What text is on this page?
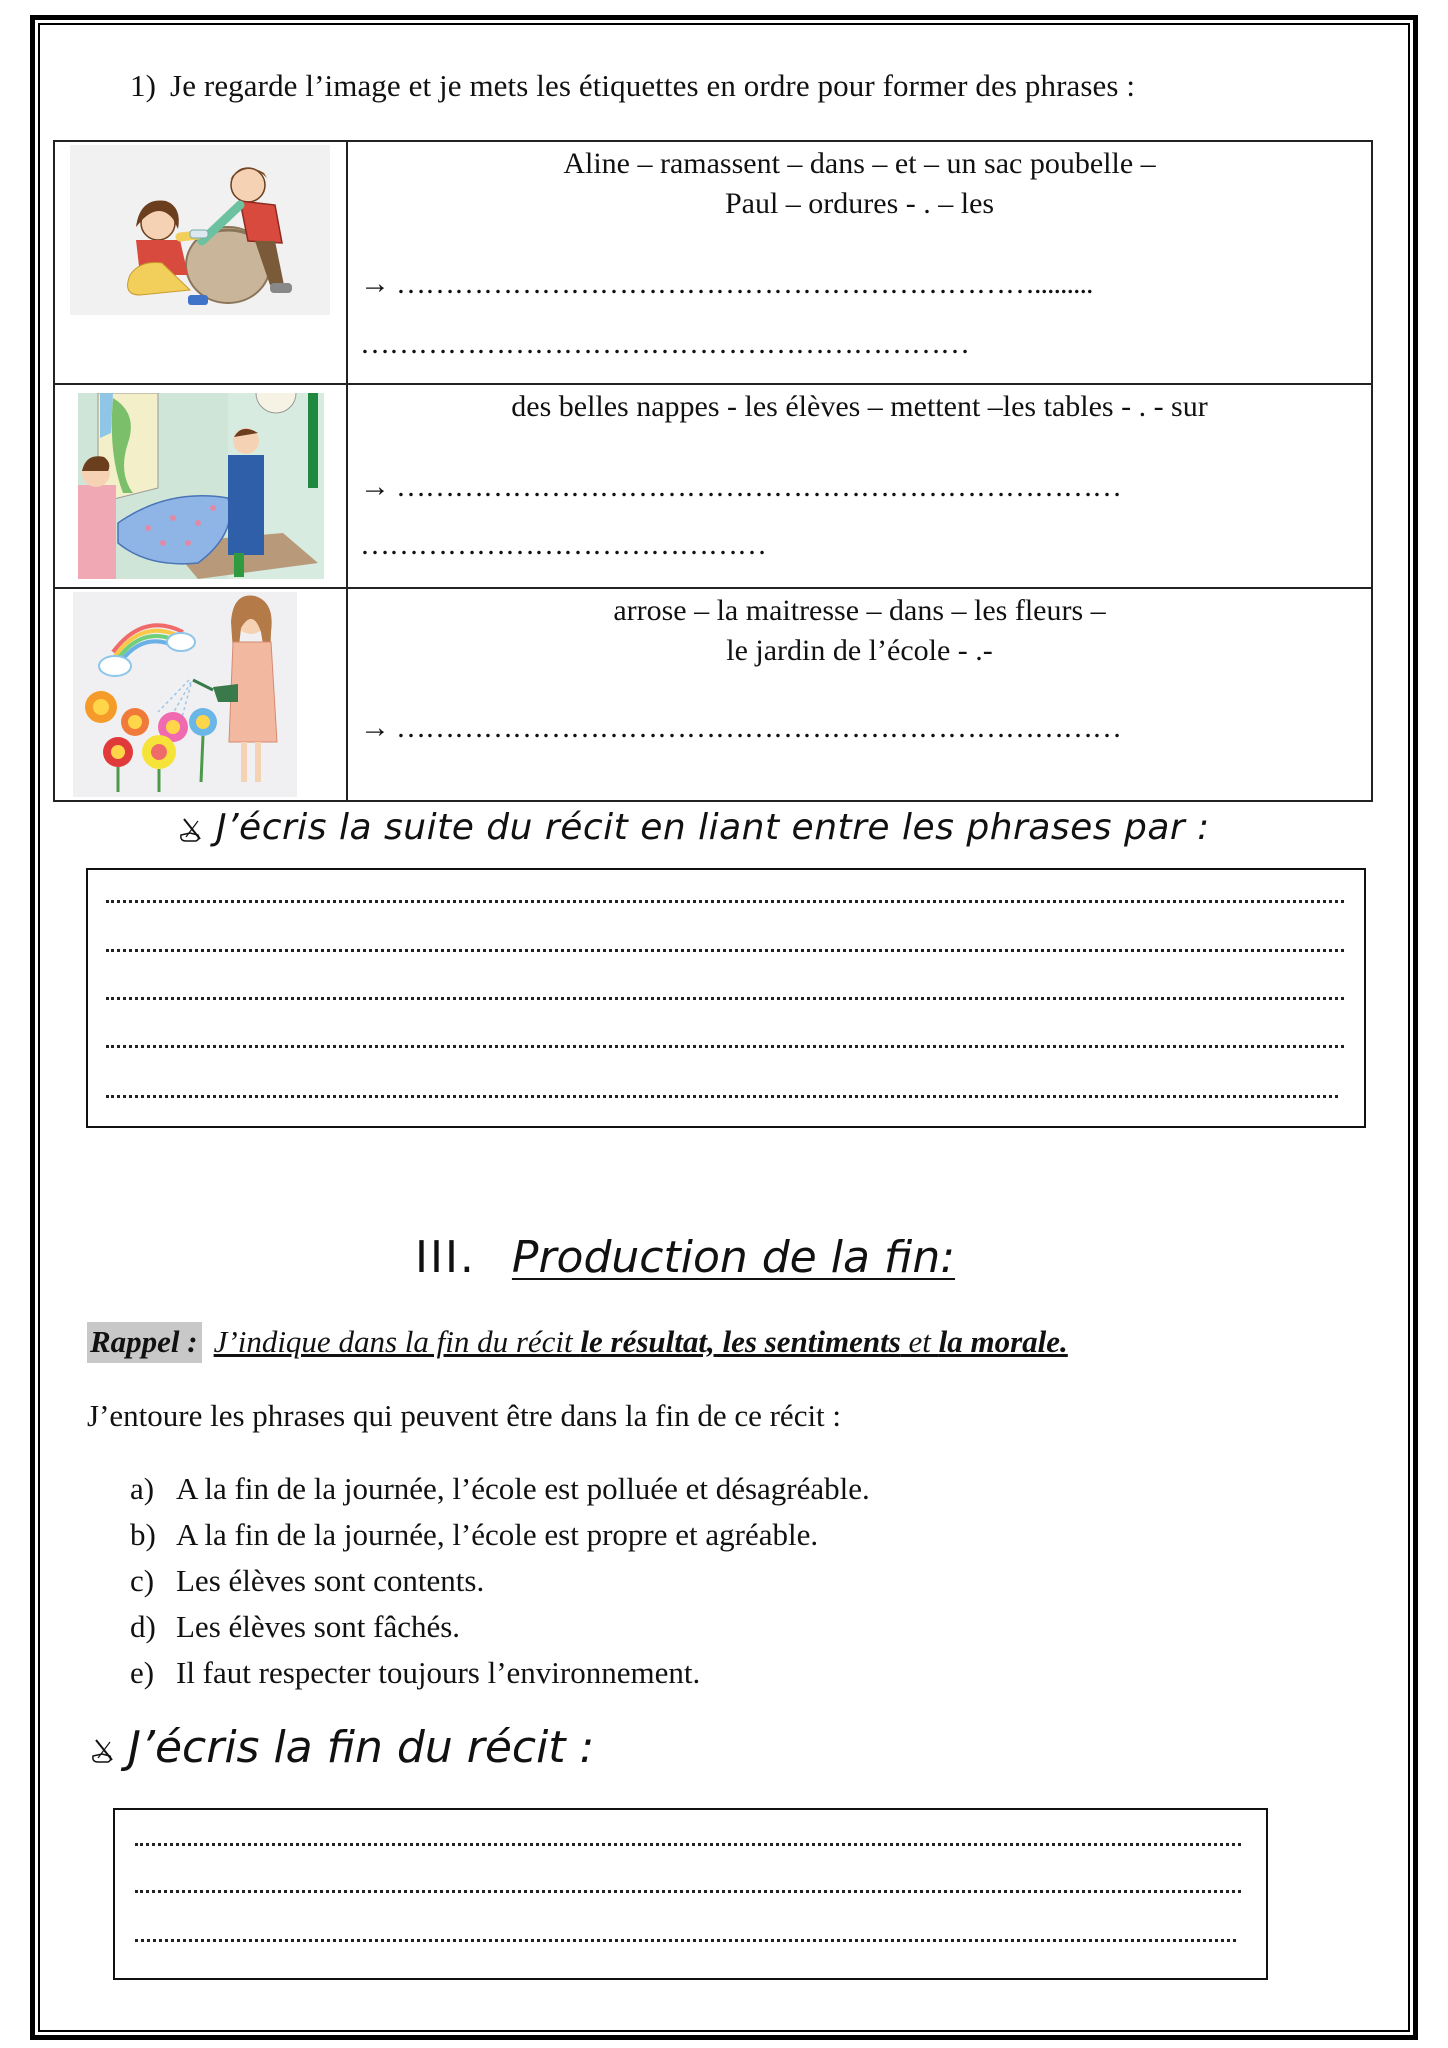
1) Je regarde l’image et je mets les étiquettes en ordre pour former des phrases :

Aline – ramassent – dans – et – un sac poubelle –
Paul – ordures - . – les
→ ………………………………………………………….........
………………………………………………………

des belles nappes - les élèves – mettent –les tables - . - sur
→ …………………………………………………………………
……………………………………

arrose – la maitresse – dans – les fleurs –
le jardin de l’école - .-
→ …………………………………………………………………
J’écris la suite du récit en liant entre les phrases par :
III. Production de la fin:
Rappel : J’indique dans la fin du récit le résultat, les sentiments et la morale.
J’entoure les phrases qui peuvent être dans la fin de ce récit :
a) A la fin de la journée, l’école est polluée et désagréable.
b) A la fin de la journée, l’école est propre et agréable.
c) Les élèves sont contents.
d) Les élèves sont fâchés.
e) Il faut respecter toujours l’environnement.
J’écris la fin du récit :
